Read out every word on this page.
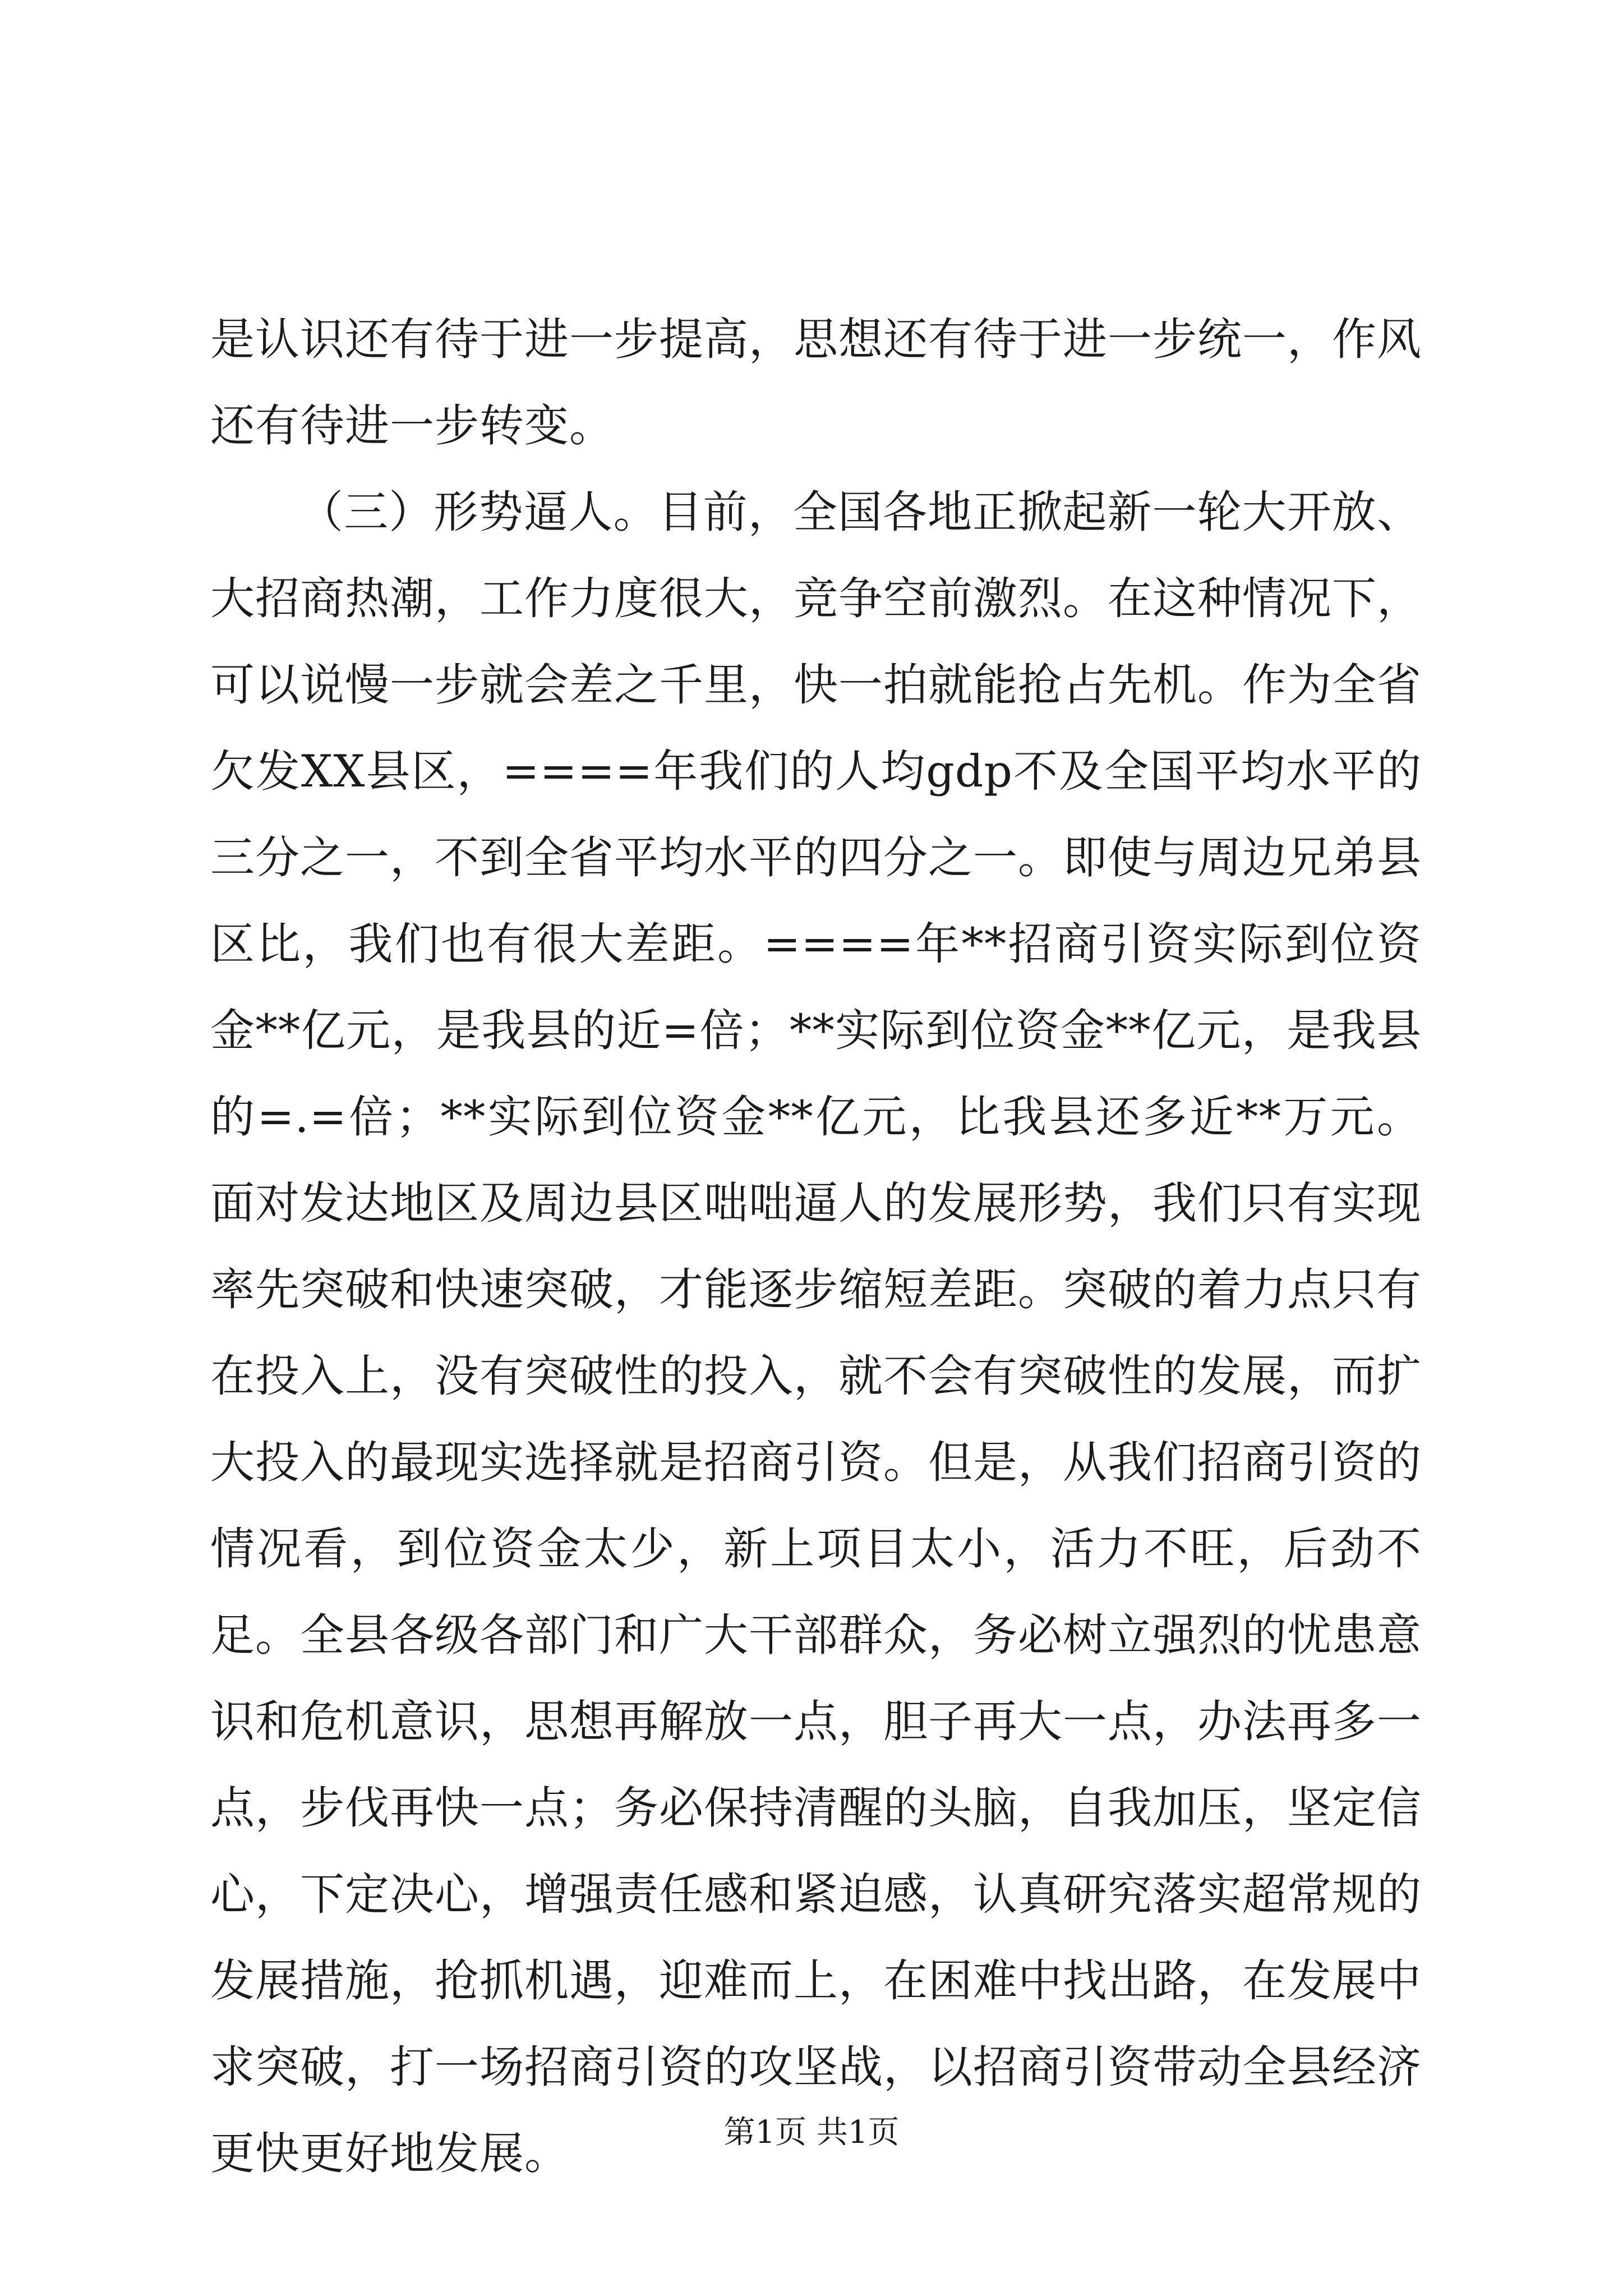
是认识还有待于进一步提高，思想还有待于进一步统一，作风还有待进一步转变。

（三）形势逼人。目前，全国各地正掀起新一轮大开放、大招商热潮，工作力度很大，竞争空前激烈。在这种情况下，可以说慢一步就会差之千里，快一拍就能抢占先机。作为全省欠发XX县区，====年我们的人均gdp不及全国平均水平的三分之一，不到全省平均水平的四分之一。即使与周边兄弟县区比，我们也有很大差距。====年**招商引资实际到位资金**亿元，是我县的近=倍；**实际到位资金**亿元，是我县的=.=倍；**实际到位资金**亿元，比我县还多近**万元。面对发达地区及周边县区咄咄逼人的发展形势，我们只有实现率先突破和快速突破，才能逐步缩短差距。突破的着力点只有在投入上，没有突破性的投入，就不会有突破性的发展，而扩大投入的最现实选择就是招商引资。但是，从我们招商引资的情况看，到位资金太少，新上项目太小，活力不旺，后劲不足。全县各级各部门和广大干部群众，务必树立强烈的忧患意识和危机意识，思想再解放一点，胆子再大一点，办法再多一点，步伐再快一点；务必保持清醒的头脑，自我加压，坚定信心，下定决心，增强责任感和紧迫感，认真研究落实超常规的发展措施，抢抓机遇，迎难而上，在困难中找出路，在发展中求突破，打一场招商引资的攻坚战，以招商引资带动全县经济更快更好地发展。	第1页 共1页
